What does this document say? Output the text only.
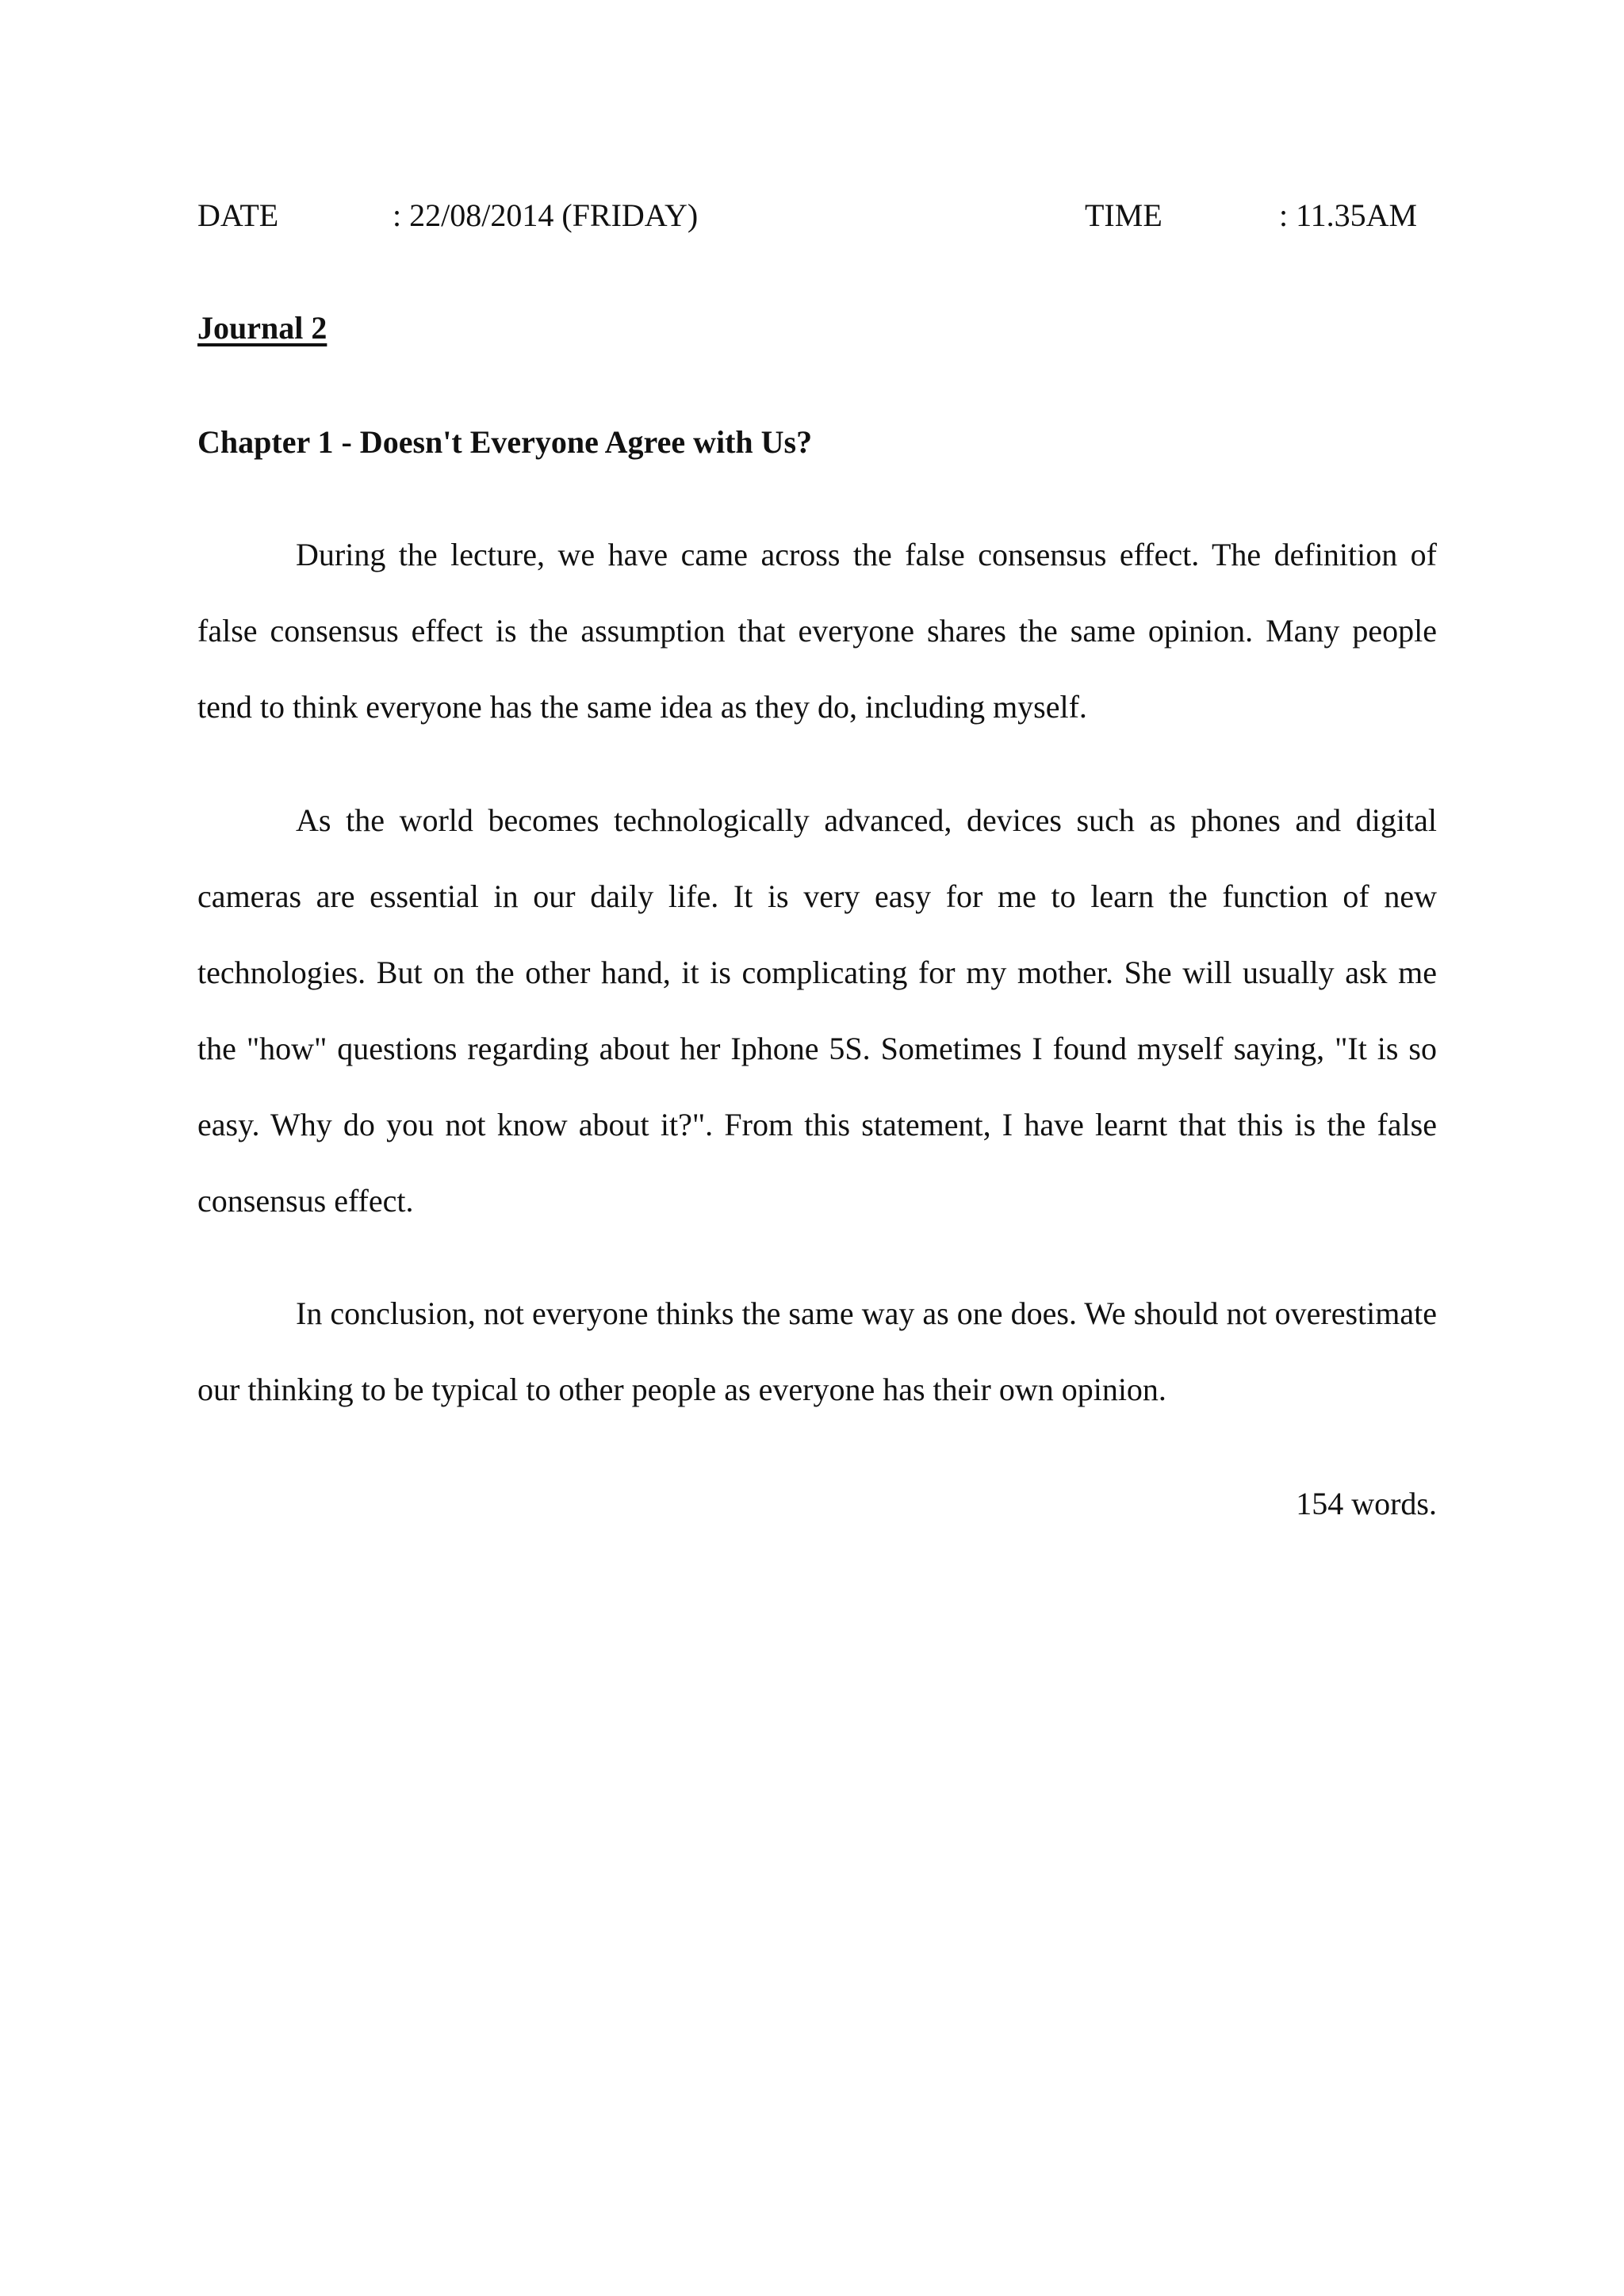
DATE	: 22/08/2014 (FRIDAY)	TIME	: 11.35AM
Journal 2
Chapter 1 - Doesn't Everyone Agree with Us?

During the lecture, we have came across the false consensus effect. The definition of false consensus effect is the assumption that everyone shares the same opinion. Many people tend to think everyone has the same idea as they do, including myself.

As the world becomes technologically advanced, devices such as phones and digital cameras are essential in our daily life. It is very easy for me to learn the function of new technologies. But on the other hand, it is complicating for my mother. She will usually ask me the "how" questions regarding about her Iphone 5S. Sometimes I found myself saying, "It is so easy. Why do you not know about it?". From this statement, I have learnt that this is the false consensus effect.

In conclusion, not everyone thinks the same way as one does. We should not overestimate our thinking to be typical to other people as everyone has their own opinion.

154 words.
